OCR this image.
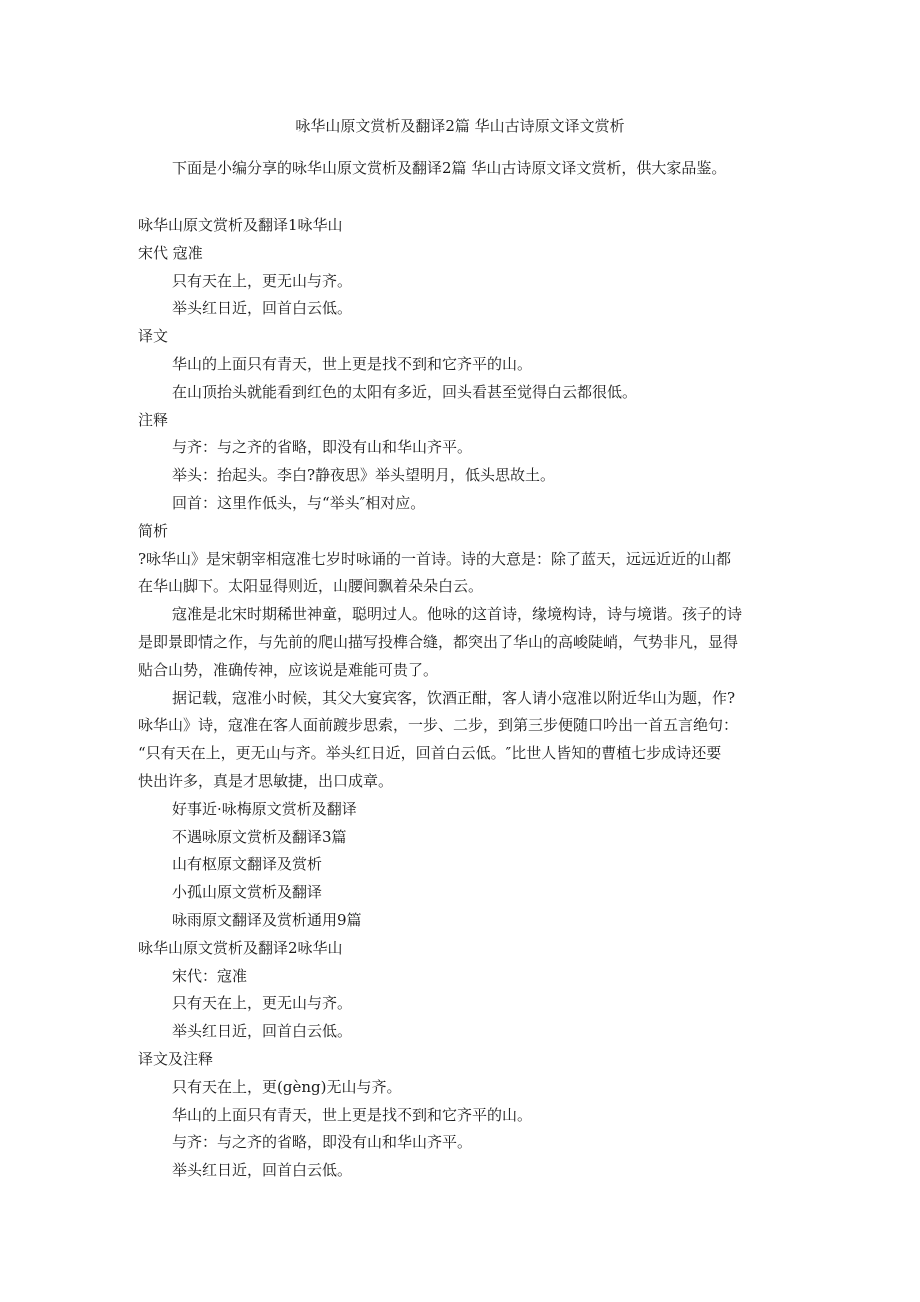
咏华山原文赏析及翻译2篇 华山古诗原文译文赏析
下面是小编分享的咏华山原文赏析及翻译2篇 华山古诗原文译文赏析，供大家品鉴。
咏华山原文赏析及翻译1咏华山
宋代 寇准
只有天在上，更无山与齐。
举头红日近，回首白云低。
译文
华山的上面只有青天，世上更是找不到和它齐平的山。
在山顶抬头就能看到红色的太阳有多近，回头看甚至觉得白云都很低。
注释
与齐：与之齐的省略，即没有山和华山齐平。
举头：抬起头。李白?静夜思》举头望明月，低头思故土。
回首：这里作低头，与“举头″相对应。
简析
?咏华山》是宋朝宰相寇准七岁时咏诵的一首诗。诗的大意是：除了蓝天，远远近近的山都
在华山脚下。太阳显得则近，山腰间飘着朵朵白云。
寇准是北宋时期稀世神童，聪明过人。他咏的这首诗，缘境构诗，诗与境谐。孩子的诗
是即景即情之作，与先前的爬山描写投榫合缝，都突出了华山的高峻陡峭，气势非凡，显得
贴合山势，准确传神，应该说是难能可贵了。
据记载，寇准小时候，其父大宴宾客，饮酒正酣，客人请小寇准以附近华山为题，作?
咏华山》诗，寇准在客人面前踱步思索，一步、二步，到第三步便随口吟出一首五言绝句：
“只有天在上，更无山与齐。举头红日近，回首白云低。″比世人皆知的曹植七步成诗还要
快出许多，真是才思敏捷，出口成章。
好事近·咏梅原文赏析及翻译
不遇咏原文赏析及翻译3篇
山有枢原文翻译及赏析
小孤山原文赏析及翻译
咏雨原文翻译及赏析通用9篇
咏华山原文赏析及翻译2咏华山
宋代：寇准
只有天在上，更无山与齐。
举头红日近，回首白云低。
译文及注释
只有天在上，更(gèng)无山与齐。
华山的上面只有青天，世上更是找不到和它齐平的山。
与齐：与之齐的省略，即没有山和华山齐平。
举头红日近，回首白云低。
